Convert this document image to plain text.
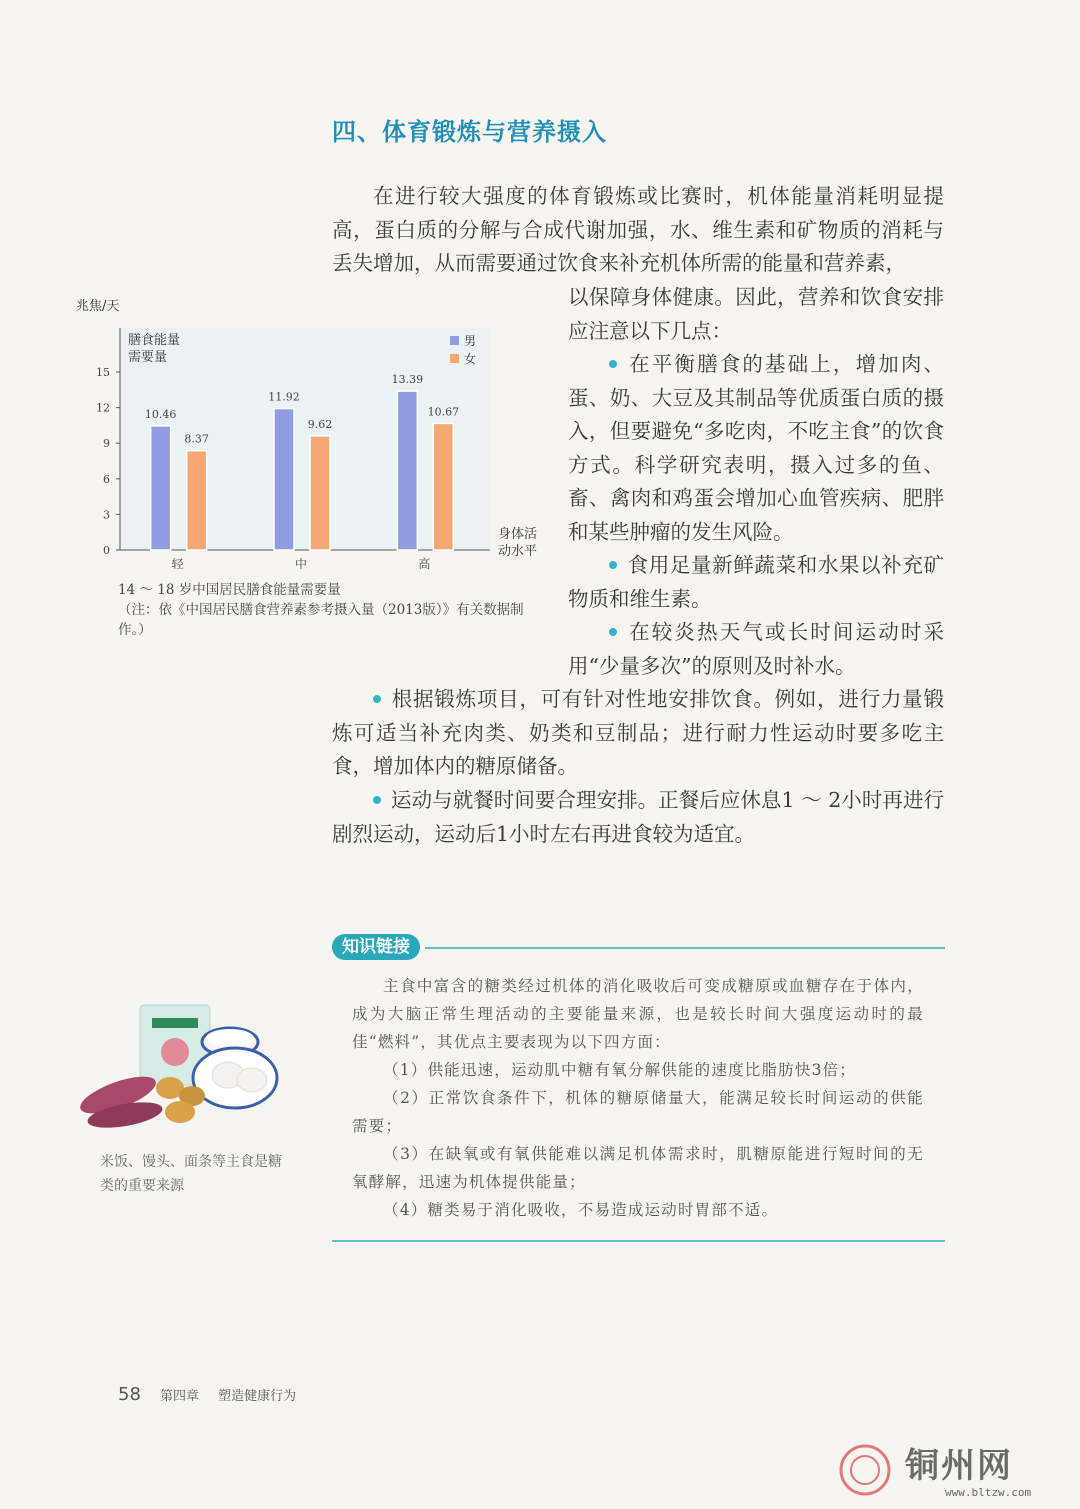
四、体育锻炼与营养摄入

在进行较大强度的体育锻炼或比赛时，机体能量消耗明显提高，蛋白质的分解与合成代谢加强，水、维生素和矿物质的消耗与丢失增加，从而需要通过饮食来补充机体所需的能量和营养素，

以保障身体健康。因此，营养和饮食安排应注意以下几点：

在平衡膳食的基础上，增加肉、蛋、奶、大豆及其制品等优质蛋白质的摄入，但要避免“多吃肉，不吃主食”的饮食方式。科学研究表明，摄入过多的鱼、畜、禽肉和鸡蛋会增加心血管疾病、肥胖和某些肿瘤的发生风险。

食用足量新鲜蔬菜和水果以补充矿物质和维生素。

在较炎热天气或长时间运动时采用“少量多次”的原则及时补水。

根据锻炼项目，可有针对性地安排饮食。例如，进行力量锻炼可适当补充肉类、奶类和豆制品；进行耐力性运动时要多吃主食，增加体内的糖原储备。

运动与就餐时间要合理安排。正餐后应休息1 ～ 2小时再进行剧烈运动，运动后1小时左右再进食较为适宜。

兆焦/天
膳食能量
需要量
0
3
6
9
12
15
10.46
8.37
轻
11.92
9.62
中
13.39
10.67
高
男
女
身体活
动水平
14 ～ 18 岁中国居民膳食能量需要量
（注：依《中国居民膳食营养素参考摄入量（2013版）》有关数据制作。）
知识链接

主食中富含的糖类经过机体的消化吸收后可变成糖原或血糖存在于体内，成为大脑正常生理活动的主要能量来源，也是较长时间大强度运动时的最佳“燃料”，其优点主要表现为以下四方面：

（1）供能迅速，运动肌中糖有氧分解供能的速度比脂肪快3倍；

（2）正常饮食条件下，机体的糖原储量大，能满足较长时间运动的供能需要；

（3）在缺氧或有氧供能难以满足机体需求时，肌糖原能进行短时间的无氧酵解，迅速为机体提供能量；

（4）糖类易于消化吸收，不易造成运动时胃部不适。

米饭、馒头、面条等主食是糖类的重要来源

58 第四章 塑造健康行为
铜州网
www.bltzw.com
